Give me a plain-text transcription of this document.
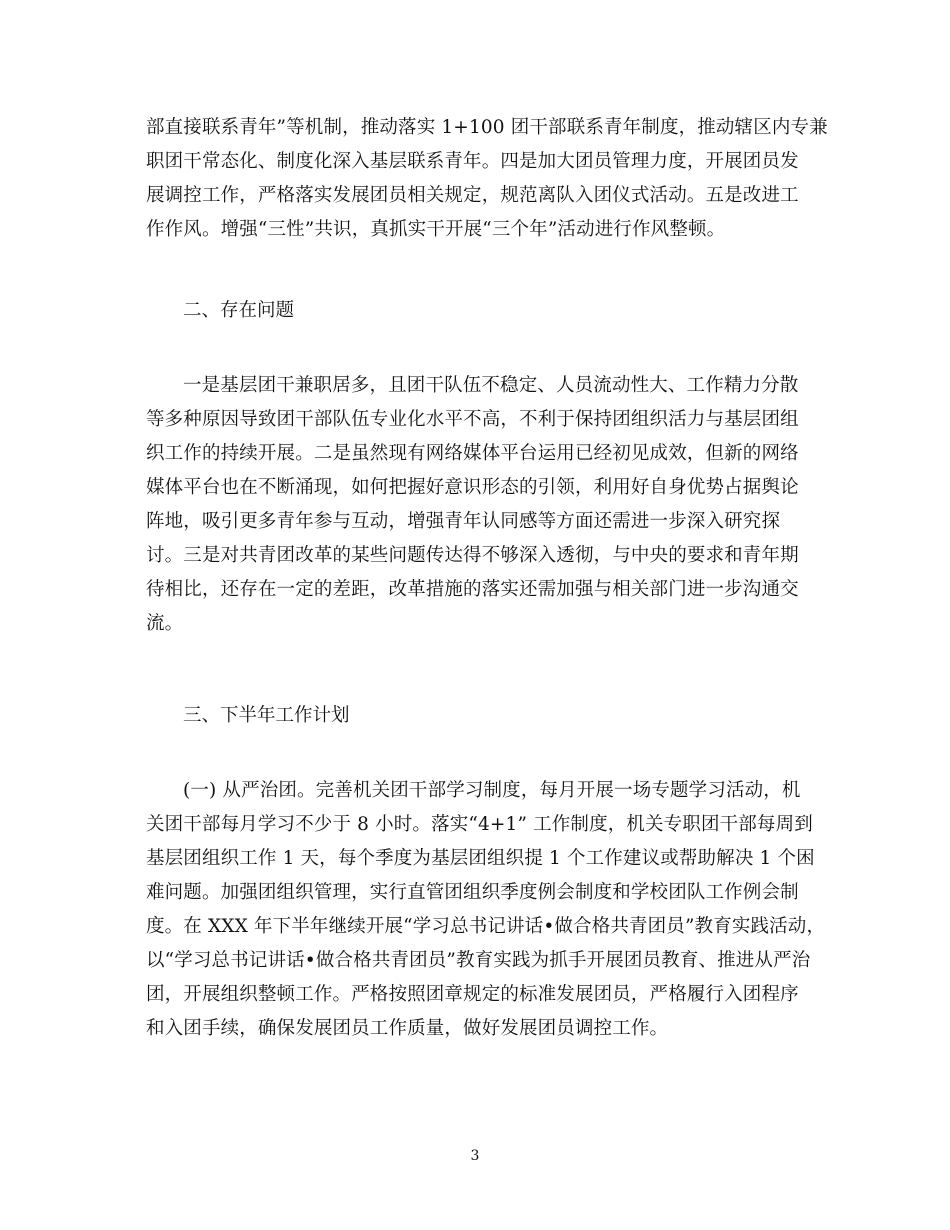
部直接联系青年”等机制，推动落实 1+100 团干部联系青年制度，推动辖区内专兼
职团干常态化、制度化深入基层联系青年。四是加大团员管理力度，开展团员发
展调控工作，严格落实发展团员相关规定，规范离队入团仪式活动。五是改进工
作作风。增强“三性”共识，真抓实干开展“三个年”活动进行作风整顿。
二、存在问题
一是基层团干兼职居多，且团干队伍不稳定、人员流动性大、工作精力分散
等多种原因导致团干部队伍专业化水平不高，不利于保持团组织活力与基层团组
织工作的持续开展。二是虽然现有网络媒体平台运用已经初见成效，但新的网络
媒体平台也在不断涌现，如何把握好意识形态的引领，利用好自身优势占据舆论
阵地，吸引更多青年参与互动，增强青年认同感等方面还需进一步深入研究探
讨。三是对共青团改革的某些问题传达得不够深入透彻，与中央的要求和青年期
待相比，还存在一定的差距，改革措施的落实还需加强与相关部门进一步沟通交
流。
三、下半年工作计划
(一) 从严治团。完善机关团干部学习制度，每月开展一场专题学习活动，机
关团干部每月学习不少于 8 小时。落实“4+1” 工作制度，机关专职团干部每周到
基层团组织工作 1 天，每个季度为基层团组织提 1 个工作建议或帮助解决 1 个困
难问题。加强团组织管理，实行直管团组织季度例会制度和学校团队工作例会制
度。在 XXX 年下半年继续开展“学习总书记讲话•做合格共青团员”教育实践活动，
以“学习总书记讲话•做合格共青团员”教育实践为抓手开展团员教育、推进从严治
团，开展组织整顿工作。严格按照团章规定的标准发展团员，严格履行入团程序
和入团手续，确保发展团员工作质量，做好发展团员调控工作。
3
